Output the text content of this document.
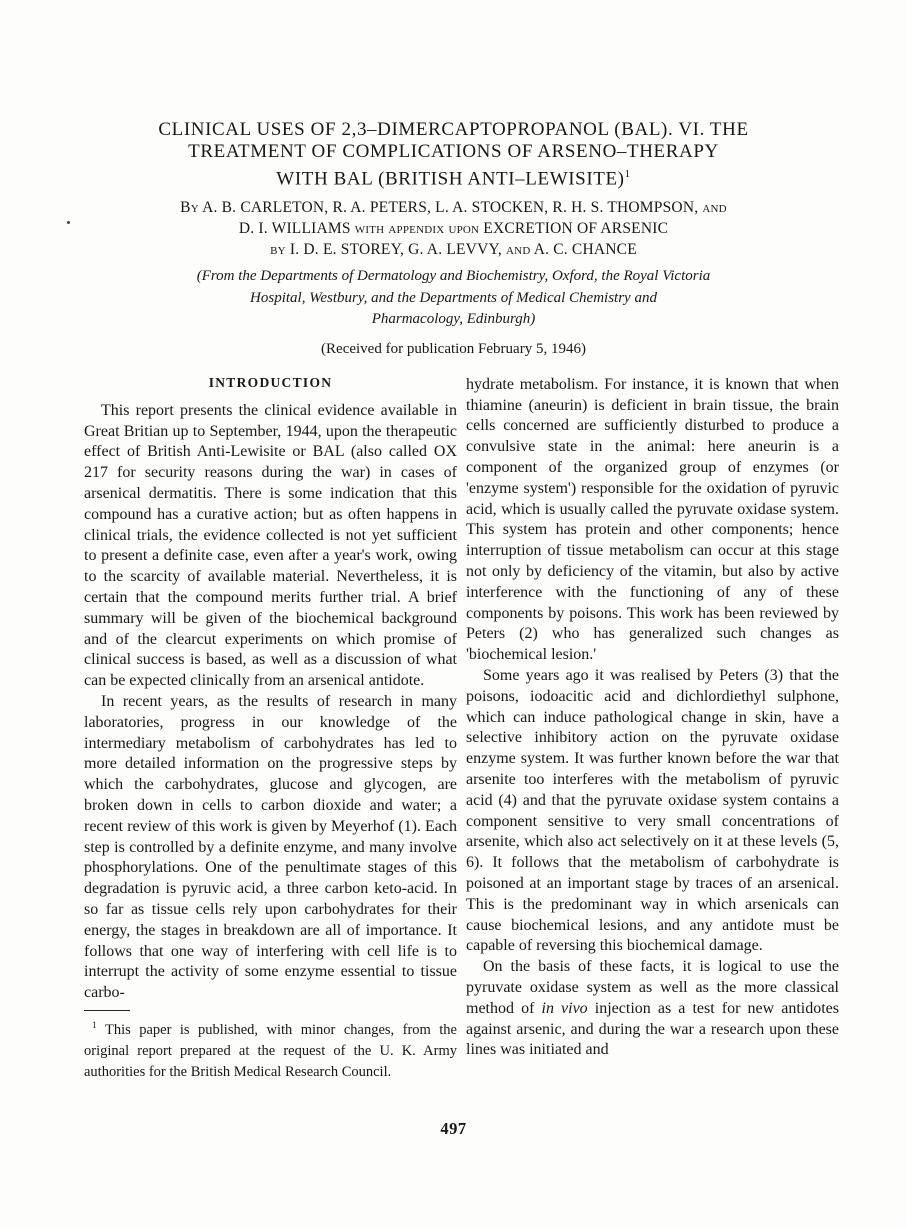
CLINICAL USES OF 2,3–DIMERCAPTOPROPANOL (BAL). VI. THE
TREATMENT OF COMPLICATIONS OF ARSENO–THERAPY
WITH BAL (BRITISH ANTI–LEWISITE)$^1$
By A. B. CARLETON, R. A. PETERS, L. A. STOCKEN, R. H. S. THOMPSON, and
D. I. WILLIAMS with appendix upon EXCRETION OF ARSENIC
by I. D. E. STOREY, G. A. LEVVY, and A. C. CHANCE
(From the Departments of Dermatology and Biochemistry, Oxford, the Royal Victoria
Hospital, Westbury, and the Departments of Medical Chemistry and
Pharmacology, Edinburgh)
(Received for publication February 5, 1946)
INTRODUCTION

This report presents the clinical evidence available in Great Britian up to September, 1944, upon the therapeutic effect of British Anti-Lewisite or BAL (also called OX 217 for security reasons during the war) in cases of arsenical dermatitis. There is some indication that this compound has a curative action; but as often happens in clinical trials, the evidence collected is not yet sufficient to present a definite case, even after a year's work, owing to the scarcity of available material. Nevertheless, it is certain that the compound merits further trial. A brief summary will be given of the biochemical background and of the clearcut experiments on which promise of clinical success is based, as well as a discussion of what can be expected clinically from an arsenical antidote.

In recent years, as the results of research in many laboratories, progress in our knowledge of the intermediary metabolism of carbohydrates has led to more detailed information on the progressive steps by which the carbohydrates, glucose and glycogen, are broken down in cells to carbon dioxide and water; a recent review of this work is given by Meyerhof (1). Each step is controlled by a definite enzyme, and many involve phosphorylations. One of the penultimate stages of this degradation is pyruvic acid, a three carbon keto-acid. In so far as tissue cells rely upon carbohydrates for their energy, the stages in breakdown are all of importance. It follows that one way of interfering with cell life is to interrupt the activity of some enzyme essential to tissue carbo-

$^1$ This paper is published, with minor changes, from the original report prepared at the request of the U. K. Army authorities for the British Medical Research Council.

hydrate metabolism. For instance, it is known that when thiamine (aneurin) is deficient in brain tissue, the brain cells concerned are sufficiently disturbed to produce a convulsive state in the animal: here aneurin is a component of the organized group of enzymes (or 'enzyme system') responsible for the oxidation of pyruvic acid, which is usually called the pyruvate oxidase system. This system has protein and other components; hence interruption of tissue metabolism can occur at this stage not only by deficiency of the vitamin, but also by active interference with the functioning of any of these components by poisons. This work has been reviewed by Peters (2) who has generalized such changes as 'biochemical lesion.'

Some years ago it was realised by Peters (3) that the poisons, iodoacitic acid and dichlordiethyl sulphone, which can induce pathological change in skin, have a selective inhibitory action on the pyruvate oxidase enzyme system. It was further known before the war that arsenite too interferes with the metabolism of pyruvic acid (4) and that the pyruvate oxidase system contains a component sensitive to very small concentrations of arsenite, which also act selectively on it at these levels (5, 6). It follows that the metabolism of carbohydrate is poisoned at an important stage by traces of an arsenical. This is the predominant way in which arsenicals can cause biochemical lesions, and any antidote must be capable of reversing this biochemical damage.

On the basis of these facts, it is logical to use the pyruvate oxidase system as well as the more classical method of in vivo injection as a test for new antidotes against arsenic, and during the war a research upon these lines was initiated and

497
